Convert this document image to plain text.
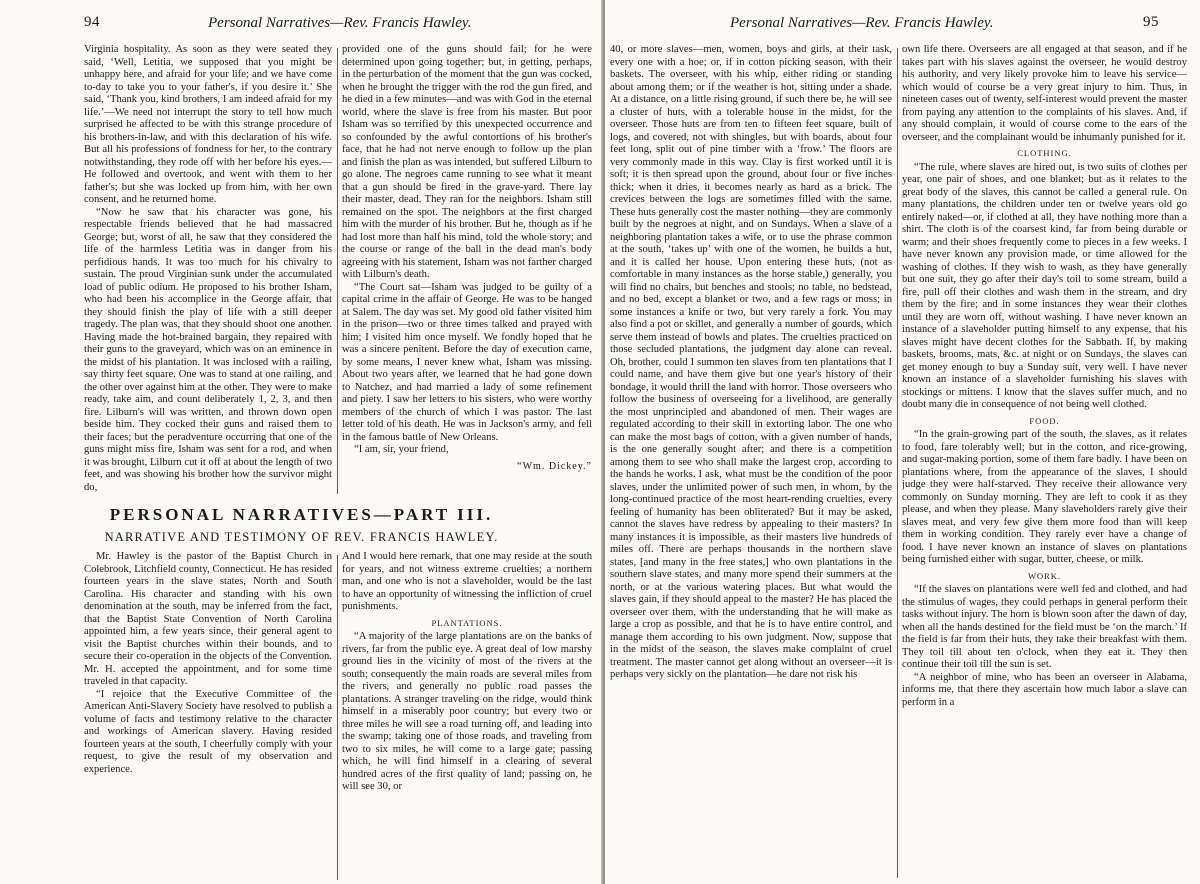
94	Personal Narratives—Rev. Francis Hawley.

Virginia hospitality. As soon as they were seated they said, ‘Well, Letitia, we supposed that you might be unhappy here, and afraid for your life; and we have come to-day to take you to your father's, if you desire it.’ She said, ‘Thank you, kind brothers, I am indeed afraid for my life.’—We need not interrupt the story to tell how much surprised he affected to be with this strange procedure of his brothers-in-law, and with this declaration of his wife. But all his professions of fondness for her, to the contrary notwithstanding, they rode off with her before his eyes.—He followed and overtook, and went with them to her father's; but she was locked up from him, with her own consent, and he returned home.

“Now he saw that his character was gone, his respectable friends believed that he had massacred George; but, worst of all, he saw that they considered the life of the harmless Letitia was in danger from his perfidious hands. It was too much for his chivalry to sustain. The proud Virginian sunk under the accumulated load of public odium. He proposed to his brother Isham, who had been his accomplice in the George affair, that they should finish the play of life with a still deeper tragedy. The plan was, that they should shoot one another. Having made the hot-brained bargain, they repaired with their guns to the graveyard, which was on an eminence in the midst of his plantation. It was inclosed with a railing, say thirty feet square. One was to stand at one railing, and the other over against him at the other. They were to make ready, take aim, and count deliberately 1, 2, 3, and then fire. Lilburn's will was written, and thrown down open beside him. They cocked their guns and raised them to their faces; but the peradventure occurring that one of the guns might miss fire, Isham was sent for a rod, and when it was brought, Lilburn cut it off at about the length of two feet, and was showing his brother how the survivor might do,

provided one of the guns should fail; for he were determined upon going together; but, in getting, perhaps, in the perturbation of the moment that the gun was cocked, when he brought the trigger with the rod the gun fired, and he died in a few minutes—and was with God in the eternal world, where the slave is free from his master. But poor Isham was so terrified by this unexpected occurrence and so confounded by the awful contortions of his brother's face, that he had not nerve enough to follow up the plan and finish the plan as was intended, but suffered Lilburn to go alone. The negroes came running to see what it meant that a gun should be fired in the grave-yard. There lay their master, dead. They ran for the neighbors. Isham still remained on the spot. The neighbors at the first charged him with the murder of his brother. But he, though as if he had lost more than half his mind, told the whole story; and the course or range of the ball in the dead man's body agreeing with his statement, Isham was not farther charged with Lilburn's death.

“The Court sat—Isham was judged to be guilty of a capital crime in the affair of George. He was to be hanged at Salem. The day was set. My good old father visited him in the prison—two or three times talked and prayed with him; I visited him once myself. We fondly hoped that he was a sincere penitent. Before the day of execution came, by some means, I never knew what, Isham was missing. About two years after, we learned that he had gone down to Natchez, and had married a lady of some refinement and piety. I saw her letters to his sisters, who were worthy members of the church of which I was pastor. The last letter told of his death. He was in Jackson's army, and fell in the famous battle of New Orleans.

“I am, sir, your friend,

“Wm. Dickey.”
PERSONAL NARRATIVES—PART III.
NARRATIVE AND TESTIMONY OF REV. FRANCIS HAWLEY.

Mr. Hawley is the pastor of the Baptist Church in Colebrook, Litchfield county, Connecticut. He has resided fourteen years in the slave states, North and South Carolina. His character and standing with his own denomination at the south, may be inferred from the fact, that the Baptist State Convention of North Carolina appointed him, a few years since, their general agent to visit the Baptist churches within their bounds, and to secure their co-operation in the objects of the Convention. Mr. H. accepted the appointment, and for some time traveled in that capacity.

“I rejoice that the Executive Committee of the American Anti-Slavery Society have resolved to publish a volume of facts and testimony relative to the character and workings of American slavery. Having resided fourteen years at the south, I cheerfully comply with your request, to give the result of my observation and experience.

And I would here remark, that one may reside at the south for years, and not witness extreme cruelties; a northern man, and one who is not a slaveholder, would be the last to have an opportunity of witnessing the infliction of cruel punishments.

PLANTATIONS.

“A majority of the large plantations are on the banks of rivers, far from the public eye. A great deal of low marshy ground lies in the vicinity of most of the rivers at the south; consequently the main roads are several miles from the rivers, and generally no public road passes the plantations. A stranger traveling on the ridge, would think himself in a miserably poor country; but every two or three miles he will see a road turning off, and leading into the swamp; taking one of those roads, and traveling from two to six miles, he will come to a large gate; passing which, he will find himself in a clearing of several hundred acres of the first quality of land; passing on, he will see 30, or

Personal Narratives—Rev. Francis Hawley.	95

40, or more slaves—men, women, boys and girls, at their task, every one with a hoe; or, if in cotton picking season, with their baskets. The overseer, with his whip, either riding or standing about among them; or if the weather is hot, sitting under a shade. At a distance, on a little rising ground, if such there be, he will see a cluster of huts, with a tolerable house in the midst, for the overseer. Those huts are from ten to fifteen feet square, built of logs, and covered, not with shingles, but with boards, about four feet long, split out of pine timber with a ‘frow.’ The floors are very commonly made in this way. Clay is first worked until it is soft; it is then spread upon the ground, about four or five inches thick; when it dries, it becomes nearly as hard as a brick. The crevices between the logs are sometimes filled with the same. These huts generally cost the master nothing—they are commonly built by the negroes at night, and on Sundays. When a slave of a neighboring plantation takes a wife, or to use the phrase common at the south, ‘takes up’ with one of the women, he builds a hut, and it is called her house. Upon entering these huts, (not as comfortable in many instances as the horse stable,) generally, you will find no chairs, but benches and stools; no table, no bedstead, and no bed, except a blanket or two, and a few rags or moss; in some instances a knife or two, but very rarely a fork. You may also find a pot or skillet, and generally a number of gourds, which serve them instead of bowls and plates. The cruelties practiced on those secluded plantations, the judgment day alone can reveal. Oh, brother, could I summon ten slaves from ten plantations that I could name, and have them give but one year's history of their bondage, it would thrill the land with horror. Those overseers who follow the business of overseeing for a livelihood, are generally the most unprincipled and abandoned of men. Their wages are regulated according to their skill in extorting labor. The one who can make the most bags of cotton, with a given number of hands, is the one generally sought after; and there is a competition among them to see who shall make the largest crop, according to the hands he works. I ask, what must be the condition of the poor slaves, under the unlimited power of such men, in whom, by the long-continued practice of the most heart-rending cruelties, every feeling of humanity has been obliterated? But it may be asked, cannot the slaves have redress by appealing to their masters? In many instances it is impossible, as their masters live hundreds of miles off. There are perhaps thousands in the northern slave states, [and many in the free states,] who own plantations in the southern slave states, and many more spend their summers at the north, or at the various watering places. But what would the slaves gain, if they should appeal to the master? He has placed the overseer over them, with the understanding that he will make as large a crop as possible, and that he is to have entire control, and manage them according to his own judgment. Now, suppose that in the midst of the season, the slaves make complaint of cruel treatment. The master cannot get along without an overseer—it is perhaps very sickly on the plantation—he dare not risk his

own life there. Overseers are all engaged at that season, and if he takes part with his slaves against the overseer, he would destroy his authority, and very likely provoke him to leave his service—which would of course be a very great injury to him. Thus, in nineteen cases out of twenty, self-interest would prevent the master from paying any attention to the complaints of his slaves. And, if any should complain, it would of course come to the ears of the overseer, and the complainant would be inhumanly punished for it.

CLOTHING.

“The rule, where slaves are hired out, is two suits of clothes per year, one pair of shoes, and one blanket; but as it relates to the great body of the slaves, this cannot be called a general rule. On many plantations, the children under ten or twelve years old go entirely naked—or, if clothed at all, they have nothing more than a shirt. The cloth is of the coarsest kind, far from being durable or warm; and their shoes frequently come to pieces in a few weeks. I have never known any provision made, or time allowed for the washing of clothes. If they wish to wash, as they have generally but one suit, they go after their day's toil to some stream, build a fire, pull off their clothes and wash them in the stream, and dry them by the fire; and in some instances they wear their clothes until they are worn off, without washing. I have never known an instance of a slaveholder putting himself to any expense, that his slaves might have decent clothes for the Sabbath. If, by making baskets, brooms, mats, &c. at night or on Sundays, the slaves can get money enough to buy a Sunday suit, very well. I have never known an instance of a slaveholder furnishing his slaves with stockings or mittens. I know that the slaves suffer much, and no doubt many die in consequence of not being well clothed.

FOOD.

“In the grain-growing part of the south, the slaves, as it relates to food, fare tolerably well; but in the cotton, and rice-growing, and sugar-making portion, some of them fare badly. I have been on plantations where, from the appearance of the slaves, I should judge they were half-starved. They receive their allowance very commonly on Sunday morning. They are left to cook it as they please, and when they please. Many slaveholders rarely give their slaves meat, and very few give them more food than will keep them in working condition. They rarely ever have a change of food. I have never known an instance of slaves on plantations being furnished either with sugar, butter, cheese, or milk.

WORK.

“If the slaves on plantations were well fed and clothed, and had the stimulus of wages, they could perhaps in general perform their tasks without injury. The horn is blown soon after the dawn of day, when all the hands destined for the field must be ‘on the march.’ If the field is far from their huts, they take their breakfast with them. They toil till about ten o'clock, when they eat it. They then continue their toil till the sun is set.

“A neighbor of mine, who has been an overseer in Alabama, informs me, that there they ascertain how much labor a slave can perform in a
